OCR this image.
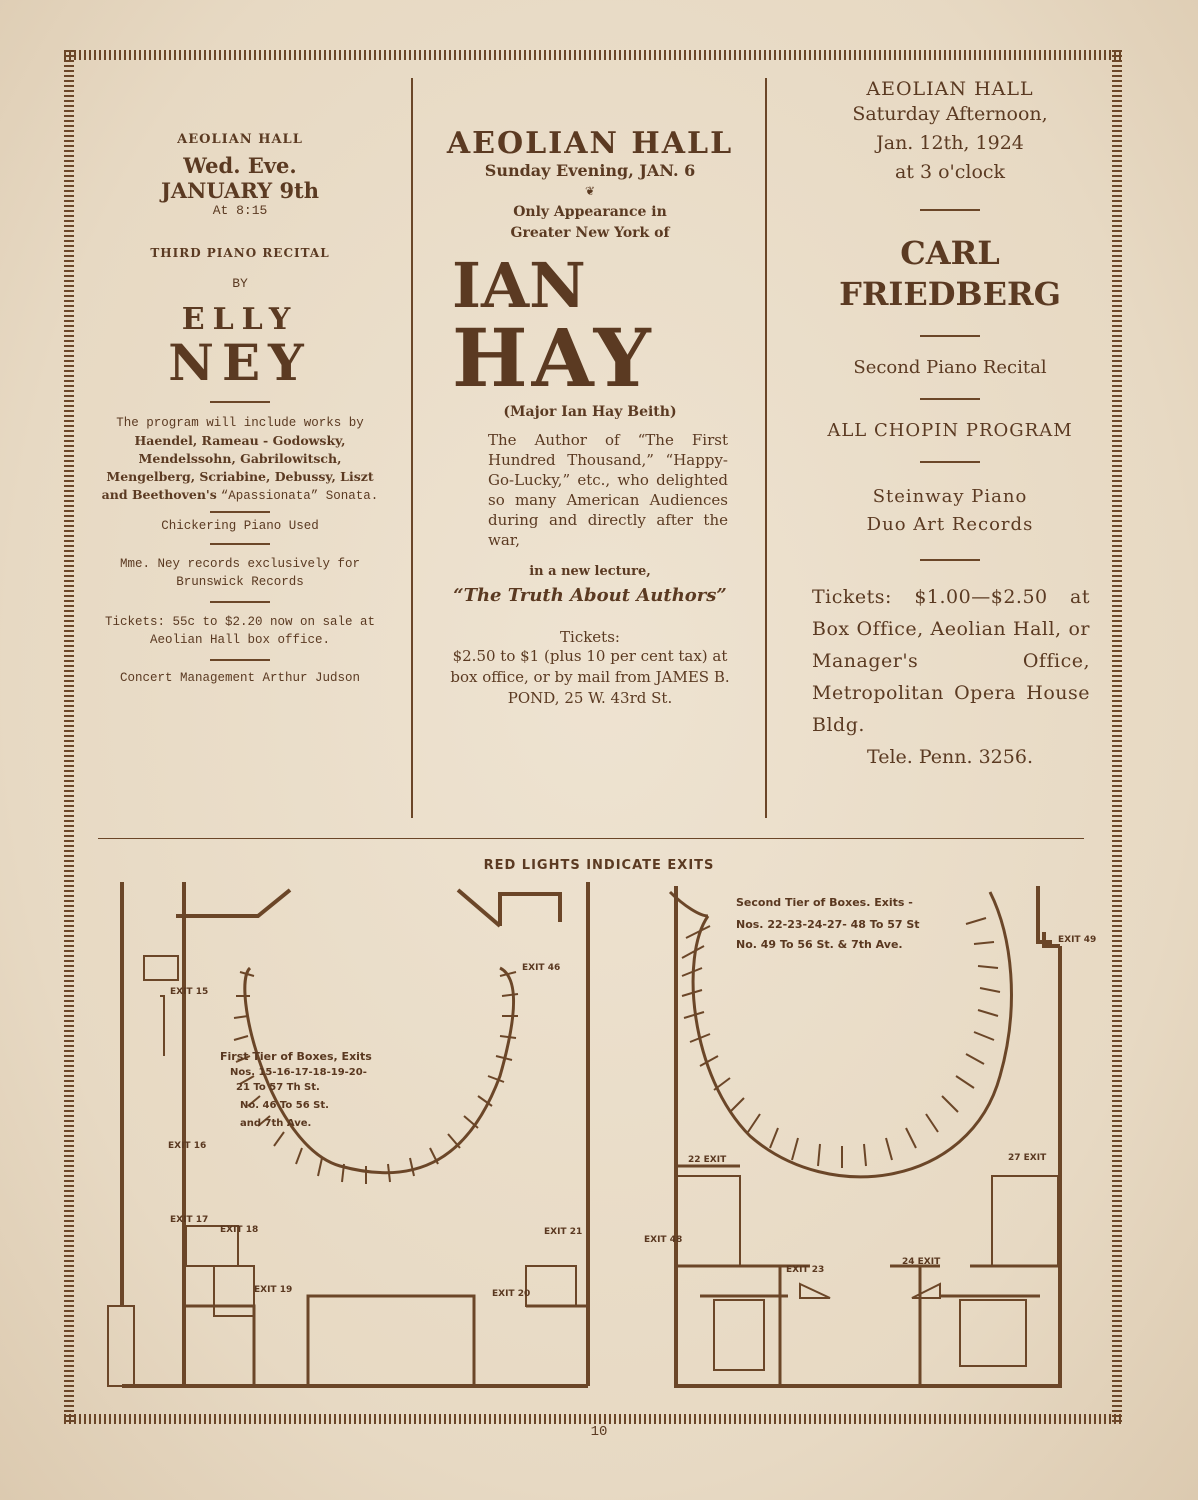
AEOLIAN HALL

Wed. Eve.

JANUARY 9th

At 8:15

THIRD PIANO RECITAL

BY

ELLY

NEY

The program will include works by Haendel, Rameau - Godowsky, Mendelssohn, Gabrilowitsch, Mengelberg, Scriabine, Debussy, Liszt and Beethoven's “Apassionata” Sonata.

Chickering Piano Used

Mme. Ney records exclusively for Brunswick Records

Tickets: 55c to $2.20 now on sale at Aeolian Hall box office.

Concert Management Arthur Judson

AEOLIAN HALL

Sunday Evening, JAN. 6

❦

Only Appearance in Greater New York of

IAN

HAY

(Major Ian Hay Beith)

The Author of “The First Hundred Thousand,” “Happy-Go-Lucky,” etc., who delighted so many American Audiences during and directly after the war,

in a new lecture,

“The Truth About Authors”

Tickets:

$2.50 to $1 (plus 10 per cent tax) at box office, or by mail from JAMES B. POND, 25 W. 43rd St.

AEOLIAN HALL

Saturday Afternoon,

Jan. 12th, 1924

at 3 o'clock

CARL

FRIEDBERG

Second Piano Recital

ALL CHOPIN PROGRAM

Steinway Piano

Duo Art Records

Tickets: $1.00—$2.50 at Box Office, Aeolian Hall, or Manager's Office, Metropolitan Opera House Bldg.

Tele. Penn. 3256.

RED LIGHTS INDICATE EXITS

First Tier of Boxes, Exits
Nos. 15-16-17-18-19-20-
21 To 57 Th St.
No. 46 To 56 St.
and 7th Ave.
EXIT 15
EXIT 16
EXIT 17
EXIT 18
EXIT 19	EXIT 20
EXIT 21
EXIT 46
Second Tier of Boxes. Exits -
Nos. 22-23-24-27- 48 To 57 St
No. 49 To 56 St. & 7th Ave.
22 EXIT
EXIT 23
24 EXIT
27 EXIT
EXIT 48
EXIT 49

10
